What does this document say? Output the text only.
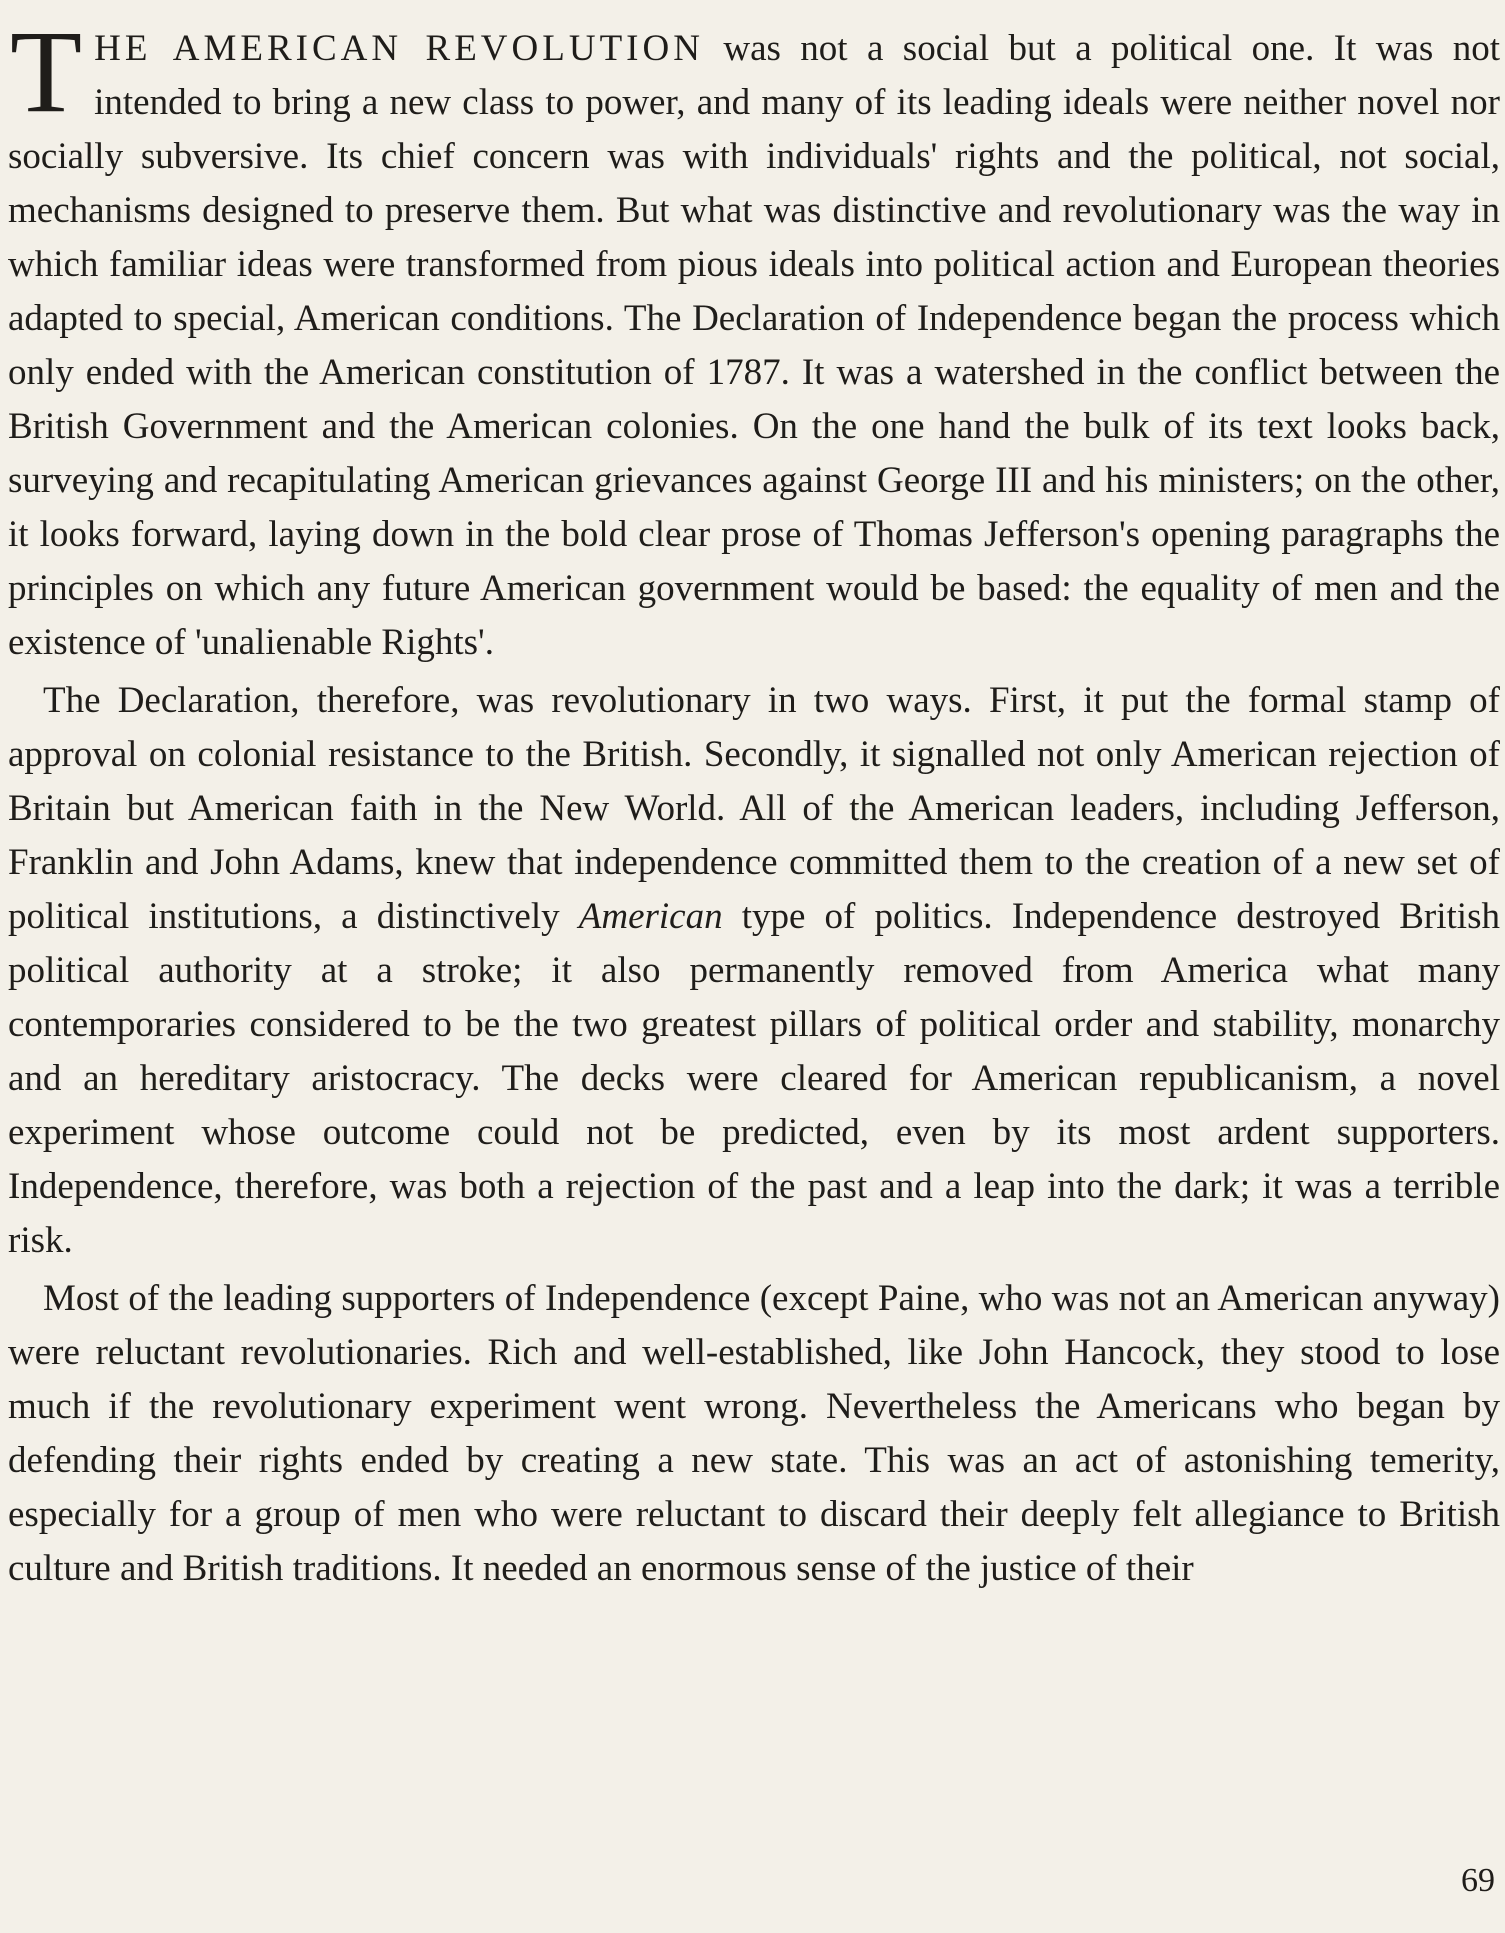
THE AMERICAN REVOLUTION was not a social but a political one. It was not intended to bring a new class to power, and many of its leading ideals were neither novel nor socially subversive. Its chief concern was with individuals' rights and the political, not social, mechanisms designed to preserve them. But what was distinctive and revolutionary was the way in which familiar ideas were transformed from pious ideals into political action and European theories adapted to special, American conditions. The Declaration of Independence began the process which only ended with the American constitution of 1787. It was a watershed in the conflict between the British Government and the American colonies. On the one hand the bulk of its text looks back, surveying and recapitulating American grievances against George III and his ministers; on the other, it looks forward, laying down in the bold clear prose of Thomas Jefferson's opening paragraphs the principles on which any future American government would be based: the equality of men and the existence of 'unalienable Rights'.

The Declaration, therefore, was revolutionary in two ways. First, it put the formal stamp of approval on colonial resistance to the British. Secondly, it signalled not only American rejection of Britain but American faith in the New World. All of the American leaders, including Jefferson, Franklin and John Adams, knew that independence committed them to the creation of a new set of political institutions, a distinctively American type of politics. Independence destroyed British political authority at a stroke; it also permanently removed from America what many contemporaries considered to be the two greatest pillars of political order and stability, monarchy and an hereditary aristocracy. The decks were cleared for American republicanism, a novel experiment whose outcome could not be predicted, even by its most ardent supporters. Independence, therefore, was both a rejection of the past and a leap into the dark; it was a terrible risk.

Most of the leading supporters of Independence (except Paine, who was not an American anyway) were reluctant revolutionaries. Rich and well-established, like John Hancock, they stood to lose much if the revolutionary experiment went wrong. Nevertheless the Americans who began by defending their rights ended by creating a new state. This was an act of astonishing temerity, especially for a group of men who were reluctant to discard their deeply felt allegiance to British culture and British traditions. It needed an enormous sense of the justice of their

69
